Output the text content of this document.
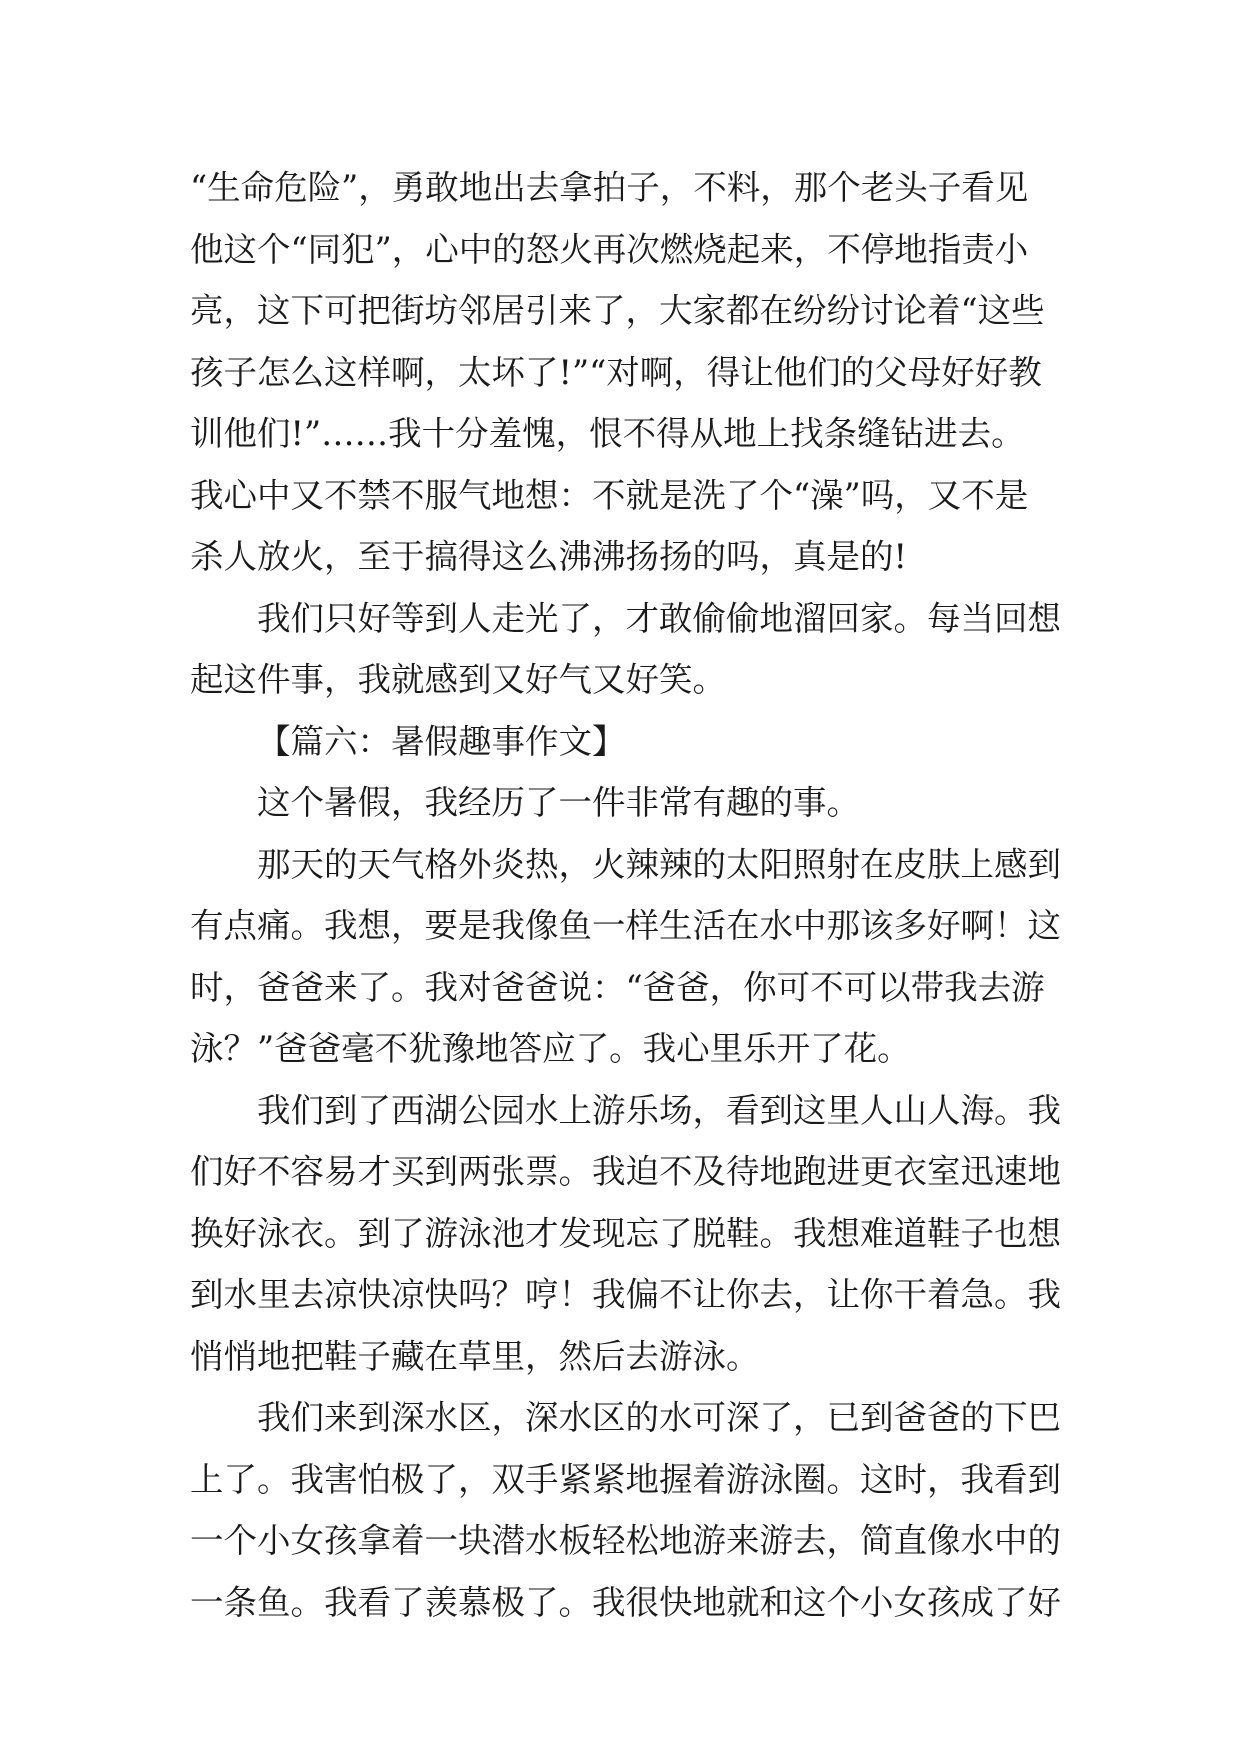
“生命危险”，勇敢地出去拿拍子，不料，那个老头子看见
他这个“同犯”，心中的怒火再次燃烧起来，不停地指责小
亮，这下可把街坊邻居引来了，大家都在纷纷讨论着“这些
孩子怎么这样啊，太坏了!”“对啊，得让他们的父母好好教
训他们!”……我十分羞愧，恨不得从地上找条缝钻进去。
我心中又不禁不服气地想：不就是洗了个“澡”吗，又不是
杀人放火，至于搞得这么沸沸扬扬的吗，真是的!
我们只好等到人走光了，才敢偷偷地溜回家。每当回想
起这件事，我就感到又好气又好笑。
【篇六：暑假趣事作文】
这个暑假，我经历了一件非常有趣的事。
那天的天气格外炎热，火辣辣的太阳照射在皮肤上感到
有点痛。我想，要是我像鱼一样生活在水中那该多好啊！这
时，爸爸来了。我对爸爸说：“爸爸，你可不可以带我去游
泳？”爸爸毫不犹豫地答应了。我心里乐开了花。
我们到了西湖公园水上游乐场，看到这里人山人海。我
们好不容易才买到两张票。我迫不及待地跑进更衣室迅速地
换好泳衣。到了游泳池才发现忘了脱鞋。我想难道鞋子也想
到水里去凉快凉快吗？哼！我偏不让你去，让你干着急。我
悄悄地把鞋子藏在草里，然后去游泳。
我们来到深水区，深水区的水可深了，已到爸爸的下巴
上了。我害怕极了，双手紧紧地握着游泳圈。这时，我看到
一个小女孩拿着一块潜水板轻松地游来游去，简直像水中的
一条鱼。我看了羡慕极了。我很快地就和这个小女孩成了好
